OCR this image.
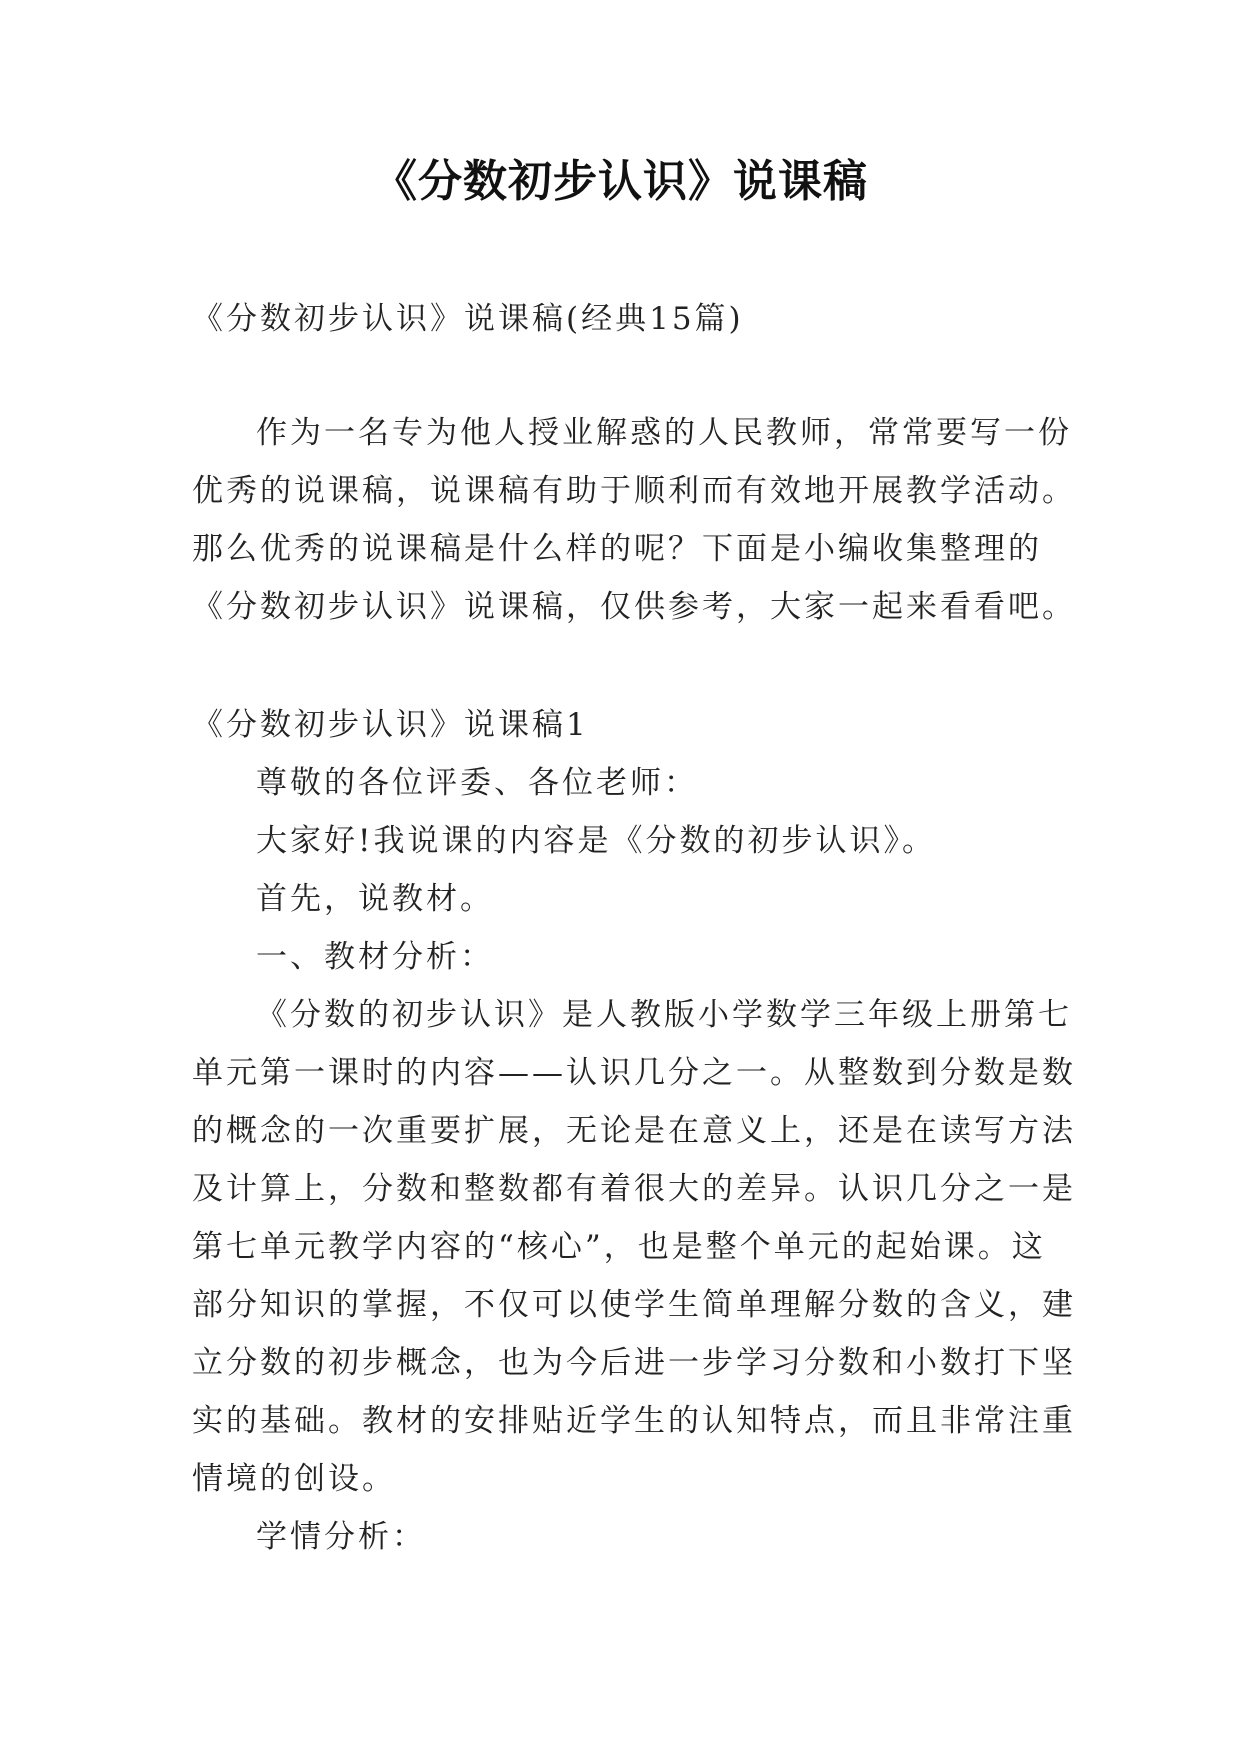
《分数初步认识》说课稿
《分数初步认识》说课稿(经典15篇)
作为一名专为他人授业解惑的人民教师，常常要写一份
优秀的说课稿，说课稿有助于顺利而有效地开展教学活动。
那么优秀的说课稿是什么样的呢？下面是小编收集整理的
《分数初步认识》说课稿，仅供参考，大家一起来看看吧。
《分数初步认识》说课稿1
尊敬的各位评委、各位老师：
大家好!我说课的内容是《分数的初步认识》。
首先，说教材。
一、教材分析：
《分数的初步认识》是人教版小学数学三年级上册第七
单元第一课时的内容——认识几分之一。从整数到分数是数
的概念的一次重要扩展，无论是在意义上，还是在读写方法
及计算上，分数和整数都有着很大的差异。认识几分之一是
第七单元教学内容的“核心”，也是整个单元的起始课。这
部分知识的掌握，不仅可以使学生简单理解分数的含义，建
立分数的初步概念，也为今后进一步学习分数和小数打下坚
实的基础。教材的安排贴近学生的认知特点，而且非常注重
情境的创设。
学情分析：
